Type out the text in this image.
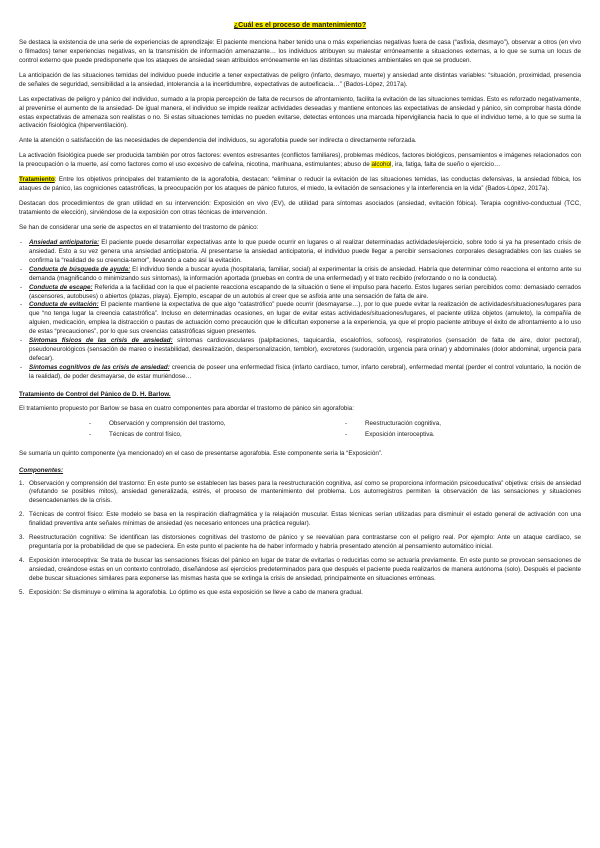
¿Cuál es el proceso de mantenimiento?

Se destaca la existencia de una serie de experiencias de aprendizaje: El paciente menciona haber tenido una o más experiencias negativas fuera de casa (“asfixia, desmayo”), observar a otros (en vivo o filmados) tener experiencias negativas, en la transmisión de información amenazante… los individuos atribuyen su malestar erróneamente a situaciones externas, a lo que se suma un locus de control externo que puede predisponerle que los ataques de ansiedad sean atribuidos erróneamente en las distintas situaciones ambientales en que se producen.

La anticipación de las situaciones temidas del individuo puede inducirle a tener expectativas de peligro (infarto, desmayo, muerte) y ansiedad ante distintas variables: “situación, proximidad, presencia de señales de seguridad, sensibilidad a la ansiedad, intolerancia a la incertidumbre, expectativas de autoeficacia…” (Bados-López, 2017a).

Las expectativas de peligro y pánico del individuo, sumado a la propia percepción de falta de recursos de afrontamiento, facilita la evitación de las situaciones temidas. Esto es reforzado negativamente, al prevenirse el aumento de la ansiedad- De igual manera, el individuo se impide realizar actividades deseadas y mantiene entonces las expectativas de ansiedad y pánico, sin comprobar hasta dónde estas expectativas de amenaza son realistas o no. Si estas situaciones temidas no pueden evitarse, detectas entonces una marcada hipervigilancia hacia lo que el individuo teme, a lo que se suma la activación fisiológica (hiperventilación).

Ante la atención o satisfacción de las necesidades de dependencia del individuos, su agorafobia puede ser indirecta o directamente reforzada.

La activación fisiológica puede ser producida también por otros factores: eventos estresantes (conflictos familiares), problemas médicos, factores biológicos, pensamientos e imágenes relacionados con la preocupación o la muerte, así como factores como el uso excesivo de cafeína, nicotina, marihuana, estimulantes; abuso de alcohol, ira, fatiga, falta de sueño o ejercicio…

Tratamiento: Entre los objetivos principales del tratamiento de la agorafobia, destacan: “eliminar o reducir la evitación de las situaciones temidas, las conductas defensivas, la ansiedad fóbica, los ataques de pánico, las cogniciones catastróficas, la preocupación por los ataques de pánico futuros, el miedo, la evitación de sensaciones y la interferencia en la vida” (Bados-López, 2017a).

Destacan dos procedimientos de gran utilidad en su intervención: Exposición en vivo (EV), de utilidad para síntomas asociados (ansiedad, evitación fóbica). Terapia cognitivo-conductual (TCC, tratamiento de elección), sirviéndose de la exposición con otras técnicas de intervención.

Se han de considerar una serie de aspectos en el tratamiento del trastorno de pánico:

- Ansiedad anticipatoria: El paciente puede desarrollar expectativas ante lo que puede ocurrir en lugares o al realizar determinadas actividades/ejercicio, sobre todo si ya ha presentado crisis de ansiedad. Esto a su vez genera una ansiedad anticipatoria. Al presentarse la ansiedad anticipatoria, el individuo puede llegar a percibir sensaciones corporales desagradables con las cuales se confirma la “realidad de su creencia-temor”, llevando a cabo así la evitación.
- Conducta de búsqueda de ayuda: El individuo tiende a buscar ayuda (hospitalaria, familiar, social) al experimentar la crisis de ansiedad. Habría que determinar cómo reacciona el entorno ante su demanda (magnificando o minimizando sus síntomas), la información aportada (pruebas en contra de una enfermedad) y el trato recibido (reforzando o no la conducta).
- Conducta de escape: Referida a la facilidad con la que el paciente reacciona escapando de la situación o tiene el impulso para hacerlo. Estos lugares serían percibidos como: demasiado cerrados (ascensores, autobuses) o abiertos (plazas, playa). Ejemplo, escapar de un autobús al creer que se asfixia ante una sensación de falta de aire.
- Conducta de evitación: El paciente mantiene la expectativa de que algo “catastrófico” puede ocurrir (desmayarse…), por lo que puede evitar la realización de actividades/situaciones/lugares para que “no tenga lugar la creencia catastrófica”. Incluso en determinadas ocasiones, en lugar de evitar estas actividades/situaciones/lugares, el paciente utiliza objetos (amuleto), la compañía de alguien, medicación, emplea la distracción o pautas de actuación como precaución que le dificultan exponerse a la experiencia, ya que el propio paciente atribuye el éxito de afrontamiento a lo uso de estas “precauciones”, por lo que sus creencias catastróficas siguen presentes.
- Síntomas físicos de las crisis de ansiedad: síntomas cardiovasculares (palpitaciones, taquicardia, escalofríos, sofocos), respiratorios (sensación de falta de aire, dolor pectoral), pseudoneurológicos (sensación de mareo o inestabilidad, desrealización, despersonalización, temblor), excretores (sudoración, urgencia para orinar) y abdominales (dolor abdominal, urgencia para defecar).
- Síntomas cognitivos de las crisis de ansiedad: creencia de poseer una enfermedad física (infarto cardíaco, tumor, infarto cerebral), enfermedad mental (perder el control voluntario, la noción de la realidad), de poder desmayarse, de estar muriéndose…
Tratamiento de Control del Pánico de D. H. Barlow.

El tratamiento propuesto por Barlow se basa en cuatro componentes para abordar el trastorno de pánico sin agorafobia:

- Observación y comprensión del trastorno,	- Reestructuración cognitiva,
- Técnicas de control físico,	- Exposición interoceptiva.

Se sumaría un quinto componente (ya mencionado) en el caso de presentarse agorafobia. Este componente sería la “Exposición”.

Componentes:
1. Observación y comprensión del trastorno: En este punto se establecen las bases para la reestructuración cognitiva, así como se proporciona información psicoeducativa” objetiva: crisis de ansiedad (refutando se posibles mitos), ansiedad generalizada, estrés, el proceso de mantenimiento del problema. Los autorregistros permiten la observación de las sensaciones y situaciones desencadenantes de la crisis.
2. Técnicas de control físico: Este modelo se basa en la respiración diafragmática y la relajación muscular. Estas técnicas serían utilizadas para disminuir el estado general de activación con una finalidad preventiva ante señales mínimas de ansiedad (es necesario entonces una práctica regular).
3. Reestructuración cognitiva: Se identifican las distorsiones cognitivas del trastorno de pánico y se reevalúan para contrastarse con el peligro real. Por ejemplo: Ante un ataque cardíaco, se preguntaría por la probabilidad de que se padeciera. En este punto el paciente ha de haber informado y habría presentado atención al pensamiento automático inicial.
4. Exposición interoceptiva: Se trata de buscar las sensaciones físicas del pánico en lugar de tratar de evitarlas o reducirlas como se actuaría previamente. En este punto se provocan sensaciones de ansiedad, creándose estas en un contexto controlado, diseñándose así ejercicios predeterminados para que después el paciente pueda realizarlos de manera autónoma (solo). Después el paciente debe buscar situaciones similares para exponerse las mismas hasta que se extinga la crisis de ansiedad, principalmente en situaciones erróneas.
5. Exposición: Se disminuye o elimina la agorafobia. Lo óptimo es que esta exposición se lleve a cabo de manera gradual.
